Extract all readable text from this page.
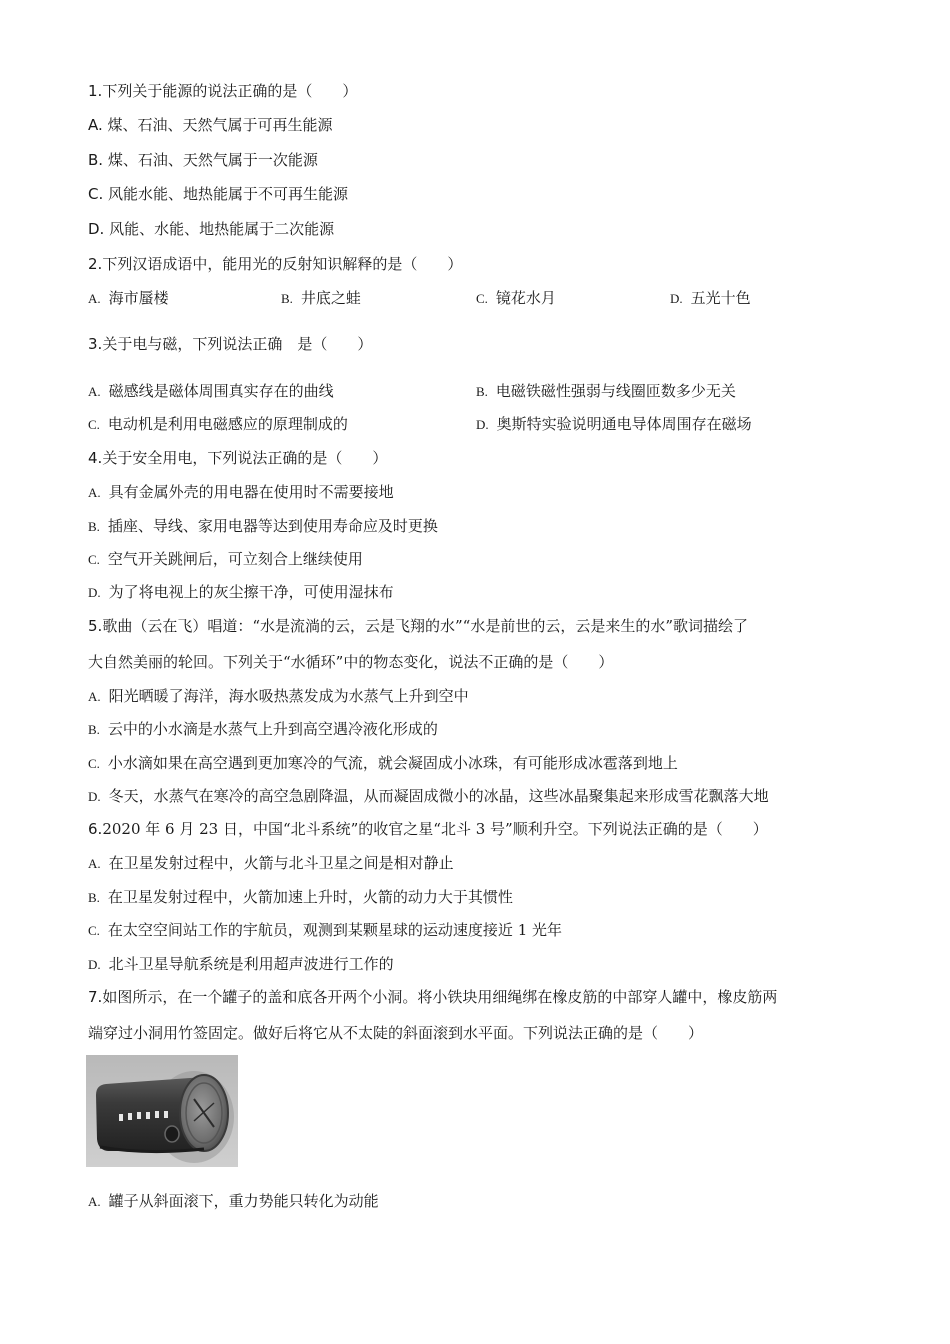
1.下列关于能源的说法正确的是（　　）
A. 煤、石油、天然气属于可再生能源
B. 煤、石油、天然气属于一次能源
C. 风能水能、地热能属于不可再生能源
D. 风能、水能、地热能属于二次能源
2.下列汉语成语中，能用光的反射知识解释的是（　　）
A. 海市蜃楼	B. 井底之蛙	C. 镜花水月	D. 五光十色
3.关于电与磁，下列说法正确　是（　　）
A. 磁感线是磁体周围真实存在的曲线	B. 电磁铁磁性强弱与线圈匝数多少无关
C. 电动机是利用电磁感应的原理制成的	D. 奥斯特实验说明通电导体周围存在磁场
4.关于安全用电，下列说法正确的是（　　）
A. 具有金属外壳的用电器在使用时不需要接地
B. 插座、导线、家用电器等达到使用寿命应及时更换
C. 空气开关跳闸后，可立刻合上继续使用
D. 为了将电视上的灰尘擦干净，可使用湿抹布
5.歌曲（云在飞）唱道：“水是流淌的云，云是飞翔的水”“水是前世的云，云是来生的水”歌词描绘了
大自然美丽的轮回。下列关于“水循环”中的物态变化，说法不正确的是（　　）
A. 阳光晒暖了海洋，海水吸热蒸发成为水蒸气上升到空中
B. 云中的小水滴是水蒸气上升到高空遇冷液化形成的
C. 小水滴如果在高空遇到更加寒冷的气流，就会凝固成小冰珠，有可能形成冰雹落到地上
D. 冬天，水蒸气在寒冷的高空急剧降温，从而凝固成微小的冰晶，这些冰晶聚集起来形成雪花飘落大地
6.2020 年 6 月 23 日，中国“北斗系统”的收官之星“北斗 3 号”顺利升空。下列说法正确的是（　　）
A. 在卫星发射过程中，火箭与北斗卫星之间是相对静止
B. 在卫星发射过程中，火箭加速上升时，火箭的动力大于其惯性
C. 在太空空间站工作的宇航员，观测到某颗星球的运动速度接近 1 光年
D. 北斗卫星导航系统是利用超声波进行工作的
7.如图所示，在一个罐子的盖和底各开两个小洞。将小铁块用细绳绑在橡皮筋的中部穿人罐中，橡皮筋两
端穿过小洞用竹签固定。做好后将它从不太陡的斜面滚到水平面。下列说法正确的是（　　）
A. 罐子从斜面滚下，重力势能只转化为动能
